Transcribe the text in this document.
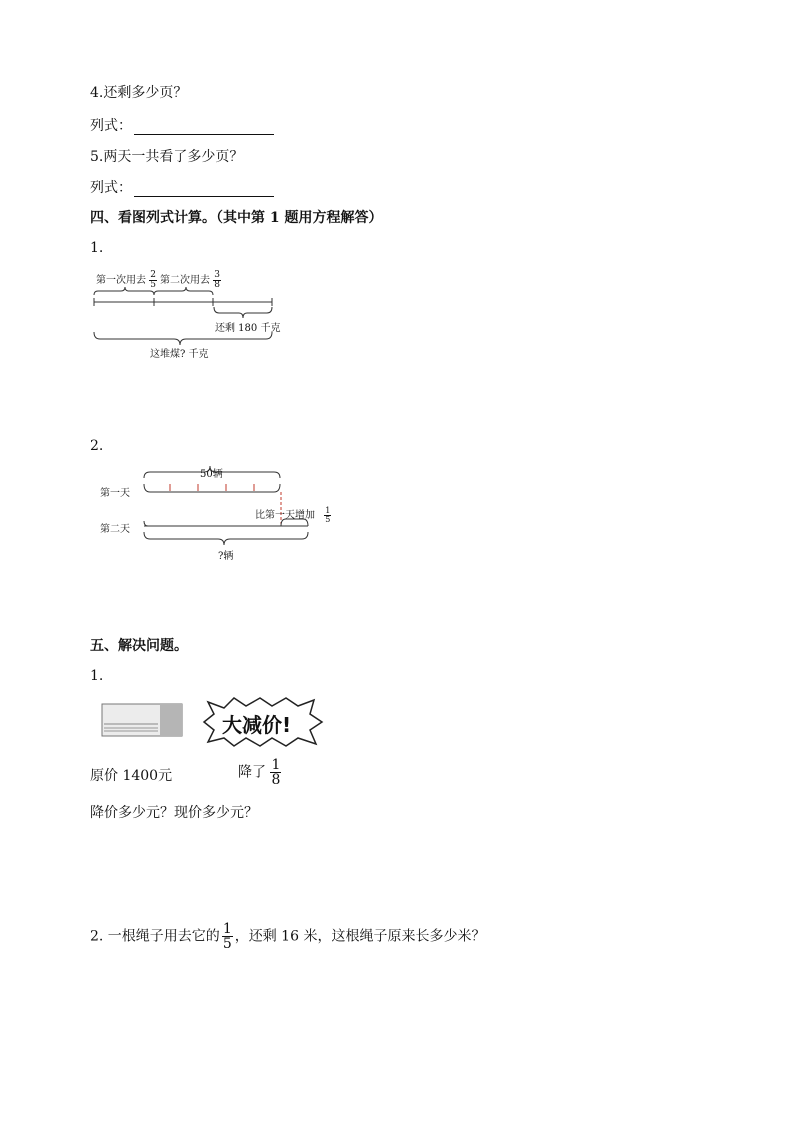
4.还剩多少页？
列式：
5.两天一共看了多少页？
列式：
四、看图列式计算。（其中第 1 题用方程解答）
1.
第一次用去 $\frac{2}{5}$ 第二次用去 $\frac{3}{8}$
还剩 180 千克
这堆煤? 千克
2.
50辆
第一天
比第一天增加 $\frac{1}{5}$
第二天
?辆
五、解决问题。
1.
大减价!
原价 1400元	降了 $\frac{1}{8}$
降价多少元？现价多少元？
2. 一根绳子用去它的 $\frac{1}{5}$ ，还剩 16 米，这根绳子原来长多少米？
